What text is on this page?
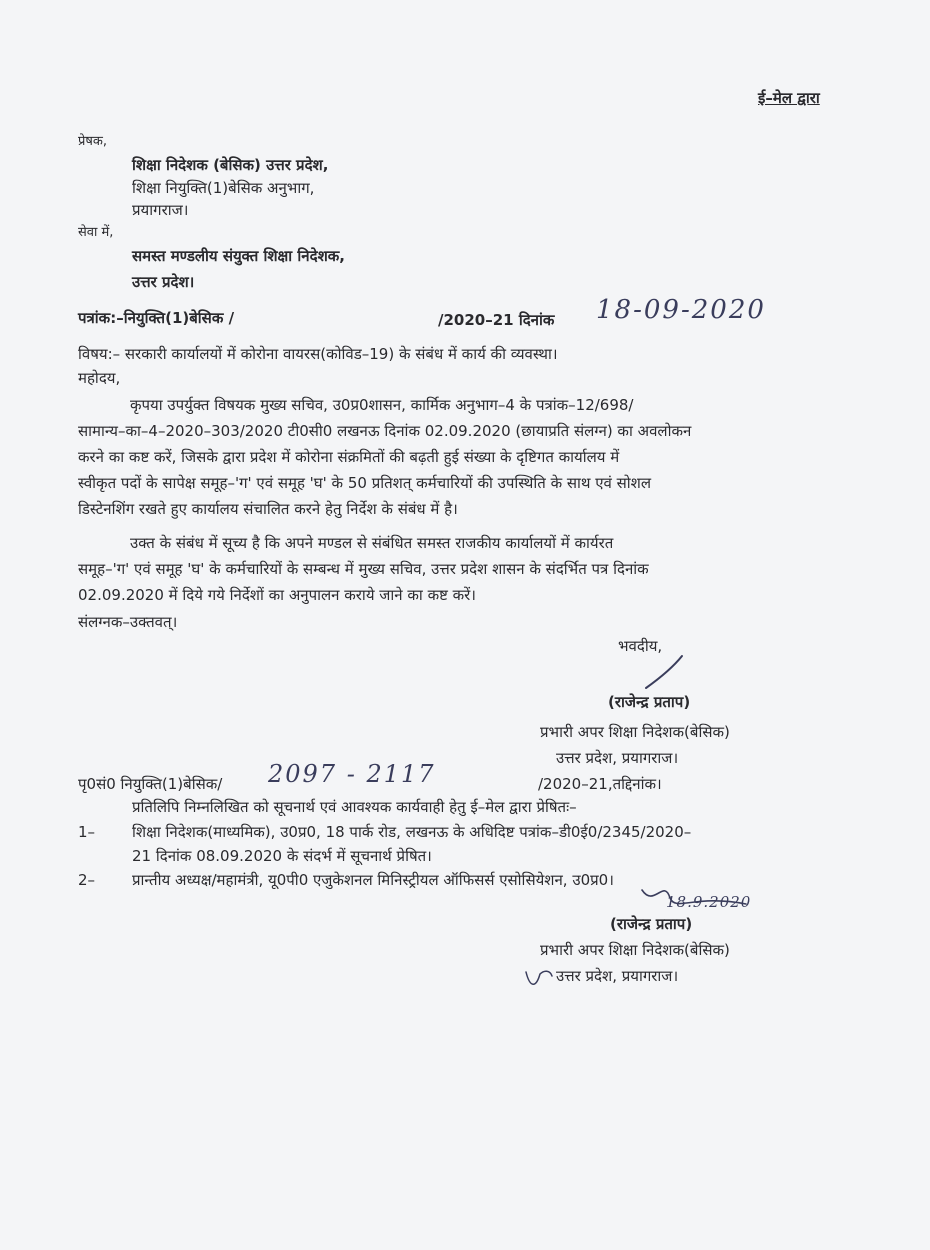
ई–मेल द्वारा
प्रेषक,
शिक्षा निदेशक (बेसिक) उत्तर प्रदेश,
शिक्षा नियुक्ति(1)बेसिक अनुभाग,
प्रयागराज।
सेवा में,
समस्त मण्डलीय संयुक्त शिक्षा निदेशक,
उत्तर प्रदेश।
पत्रांक:–नियुक्ति(1)बेसिक /	/2020–21 दिनांक 18-09-2020
विषय:– सरकारी कार्यालयों में कोरोना वायरस(कोविड–19) के संबंध में कार्य की व्यवस्था।
महोदय,
कृपया उपर्युक्त विषयक मुख्य सचिव, उ0प्र0शासन, कार्मिक अनुभाग–4 के पत्रांक–12/698/
सामान्य–का–4–2020–303/2020 टी0सी0 लखनऊ दिनांक 02.09.2020 (छायाप्रति संलग्न) का अवलोकन
करने का कष्ट करें, जिसके द्वारा प्रदेश में कोरोना संक्रमितों की बढ़ती हुई संख्या के दृष्टिगत कार्यालय में
स्वीकृत पदों के सापेक्ष समूह–'ग' एवं समूह 'घ' के 50 प्रतिशत् कर्मचारियों की उपस्थिति के साथ एवं सोशल
डिस्टेनशिंग रखते हुए कार्यालय संचालित करने हेतु निर्देश के संबंध में है।
उक्त के संबंध में सूच्य है कि अपने मण्डल से संबंधित समस्त राजकीय कार्यालयों में कार्यरत
समूह–'ग' एवं समूह 'घ' के कर्मचारियों के सम्बन्ध में मुख्य सचिव, उत्तर प्रदेश शासन के संदर्भित पत्र दिनांक
02.09.2020 में दिये गये निर्देशों का अनुपालन कराये जाने का कष्ट करें।
संलग्नक–उक्तवत्।
भवदीय,
(राजेन्द्र प्रताप)
प्रभारी अपर शिक्षा निदेशक(बेसिक)
उत्तर प्रदेश, प्रयागराज।
पृ0सं0 नियुक्ति(1)बेसिक/ 2097 - 2117	/2020–21,तद्दिनांक।
प्रतिलिपि निम्नलिखित को सूचनार्थ एवं आवश्यक कार्यवाही हेतु ई–मेल द्वारा प्रेषितः–
1– शिक्षा निदेशक(माध्यमिक), उ0प्र0, 18 पार्क रोड, लखनऊ के अधिदिष्ट पत्रांक–डी0ई0/2345/2020–
21 दिनांक 08.09.2020 के संदर्भ में सूचनार्थ प्रेषित।
2– प्रान्तीय अध्यक्ष/महामंत्री, यू0पी0 एजुकेशनल मिनिस्ट्रीयल ऑफिसर्स एसोसियेशन, उ0प्र0।
18.9.2020
(राजेन्द्र प्रताप)
प्रभारी अपर शिक्षा निदेशक(बेसिक)
उत्तर प्रदेश, प्रयागराज।
